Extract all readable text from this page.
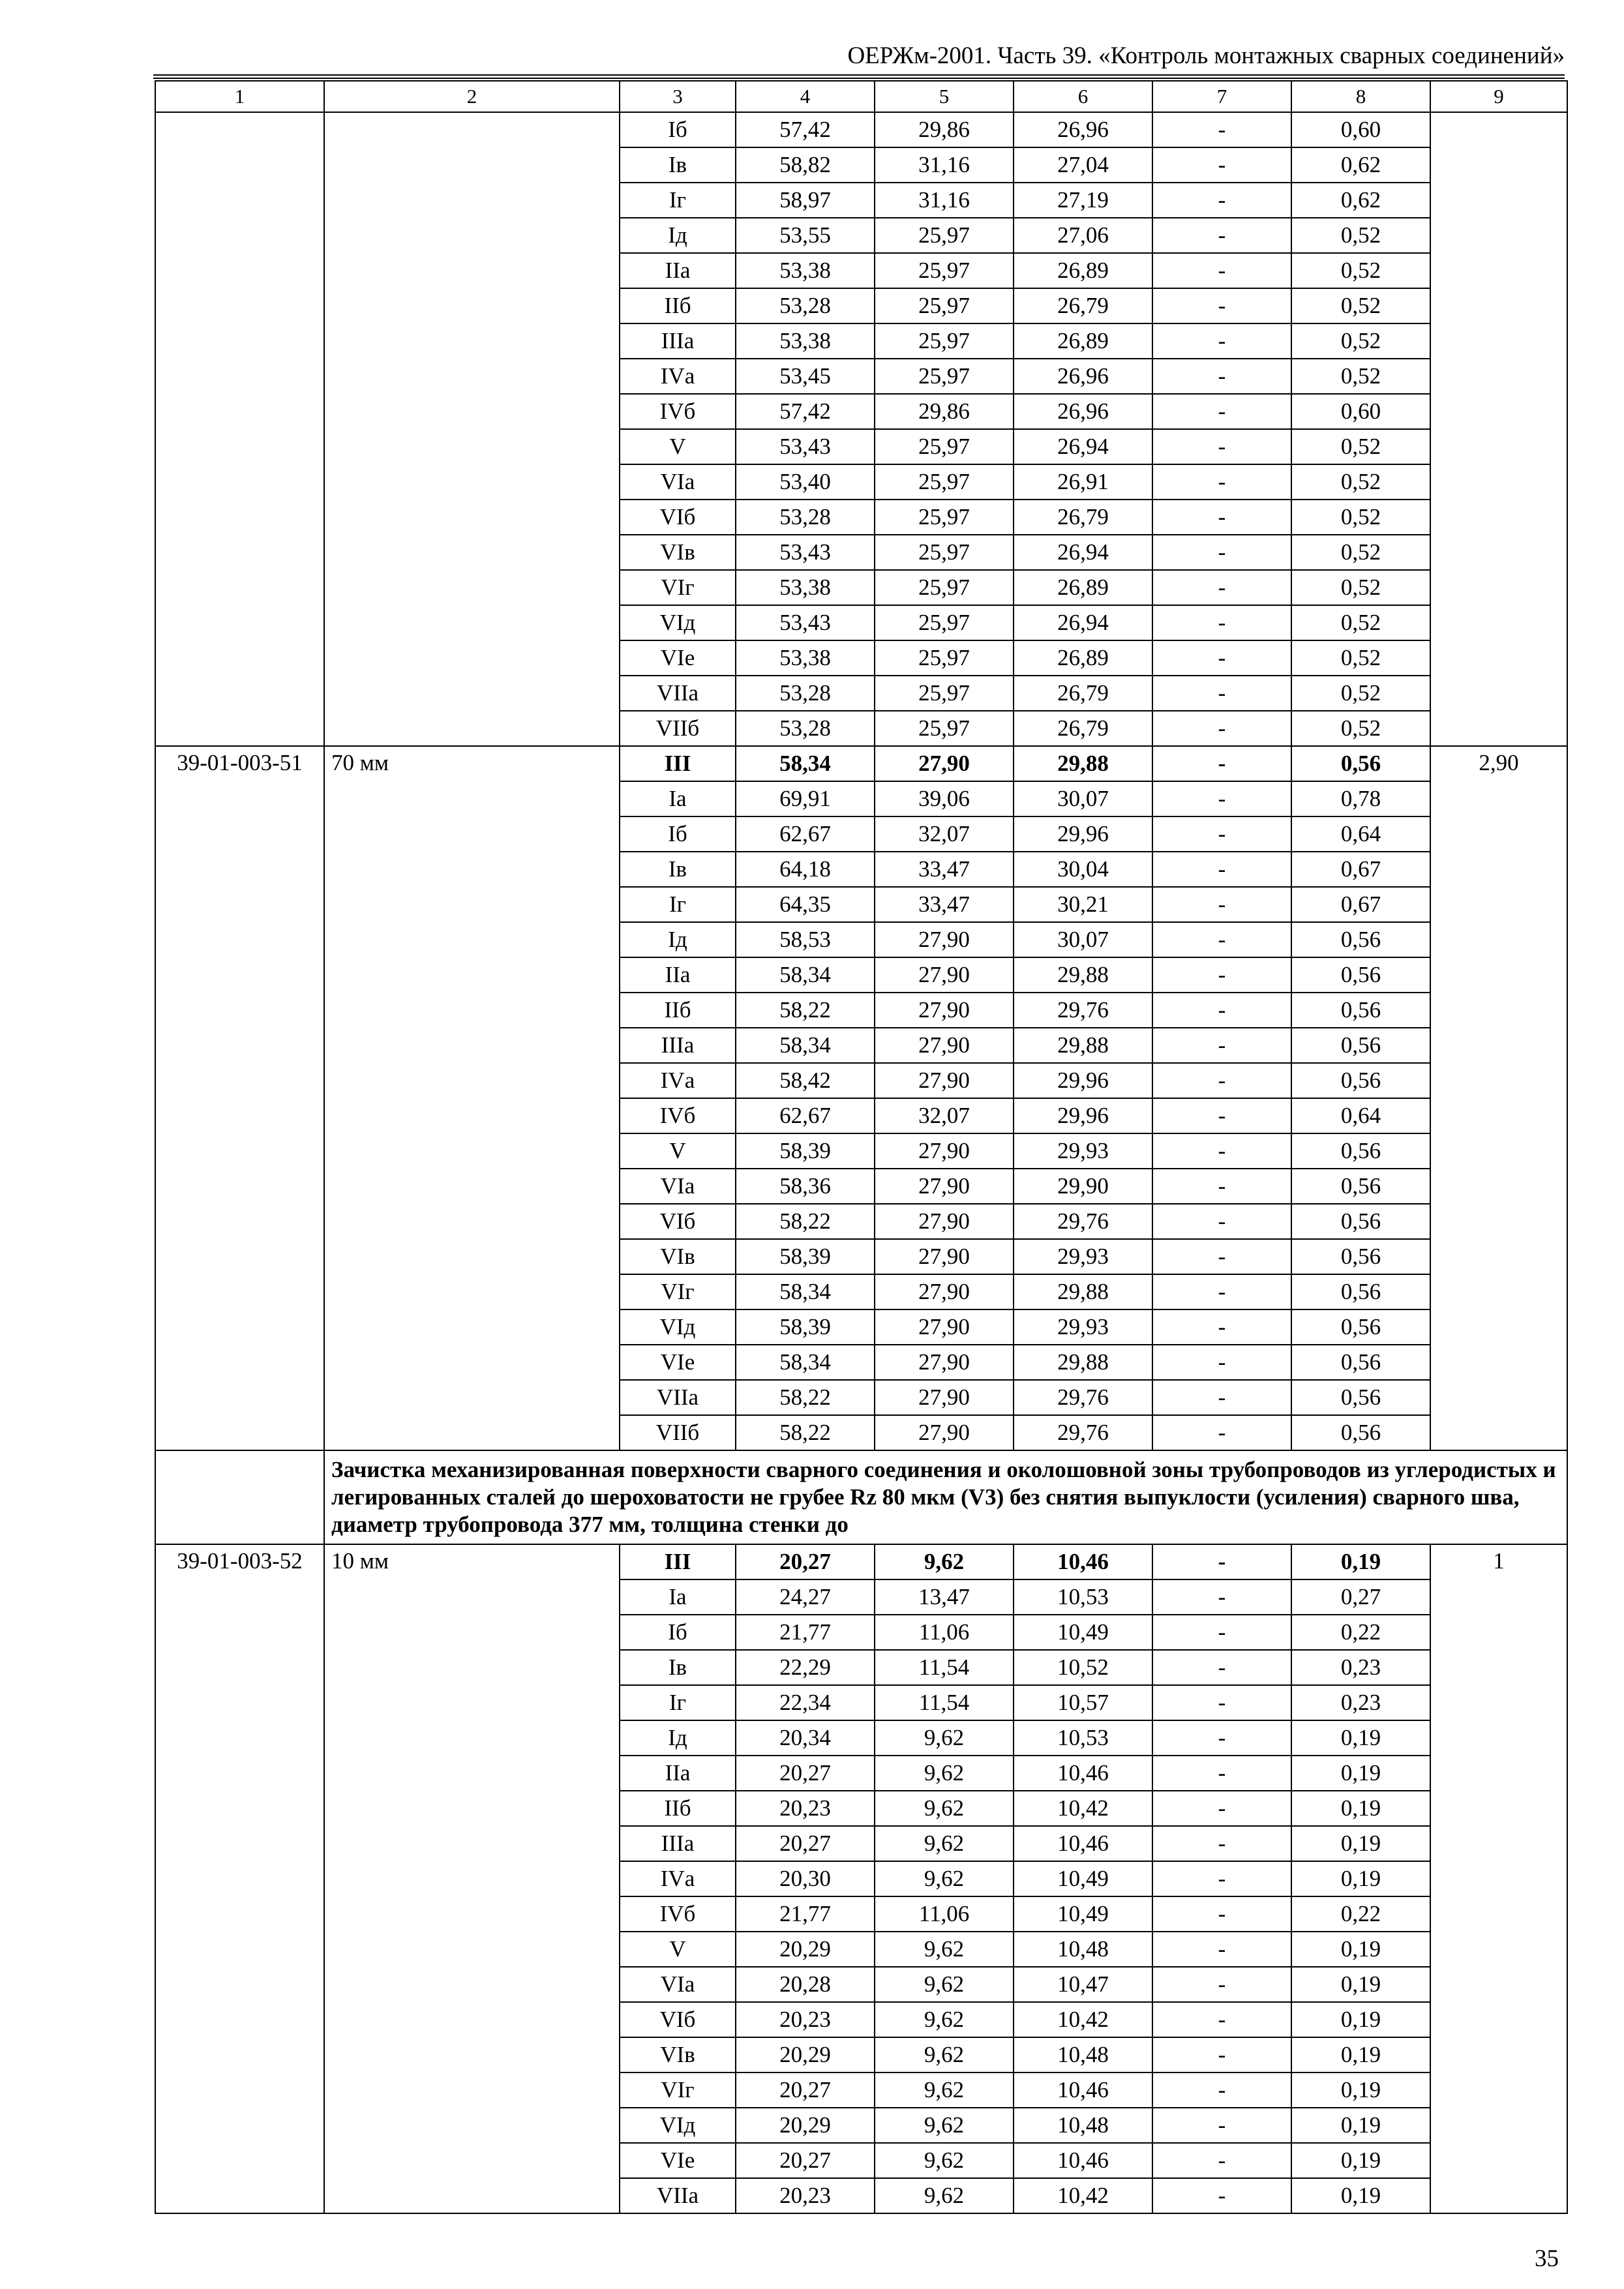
ОЕРЖм-2001. Часть 39. «Контроль монтажных сварных соединений»
1	2	3	4	5	6	7	8	9
		Iб	57,42	29,86	26,96	-	0,60	
		Iв	58,82	31,16	27,04	-	0,62	
		Iг	58,97	31,16	27,19	-	0,62	
		Iд	53,55	25,97	27,06	-	0,52	
		IIа	53,38	25,97	26,89	-	0,52	
		IIб	53,28	25,97	26,79	-	0,52	
		IIIа	53,38	25,97	26,89	-	0,52	
		IVа	53,45	25,97	26,96	-	0,52	
		IVб	57,42	29,86	26,96	-	0,60	
		V	53,43	25,97	26,94	-	0,52	
		VIа	53,40	25,97	26,91	-	0,52	
		VIб	53,28	25,97	26,79	-	0,52	
		VIв	53,43	25,97	26,94	-	0,52	
		VIг	53,38	25,97	26,89	-	0,52	
		VIд	53,43	25,97	26,94	-	0,52	
		VIе	53,38	25,97	26,89	-	0,52	
		VIIа	53,28	25,97	26,79	-	0,52	
		VIIб	53,28	25,97	26,79	-	0,52	
39-01-003-51	70 мм	III	58,34	27,90	29,88	-	0,56	2,90
		Iа	69,91	39,06	30,07	-	0,78	
		Iб	62,67	32,07	29,96	-	0,64	
		Iв	64,18	33,47	30,04	-	0,67	
		Iг	64,35	33,47	30,21	-	0,67	
		Iд	58,53	27,90	30,07	-	0,56	
		IIа	58,34	27,90	29,88	-	0,56	
		IIб	58,22	27,90	29,76	-	0,56	
		IIIа	58,34	27,90	29,88	-	0,56	
		IVа	58,42	27,90	29,96	-	0,56	
		IVб	62,67	32,07	29,96	-	0,64	
		V	58,39	27,90	29,93	-	0,56	
		VIа	58,36	27,90	29,90	-	0,56	
		VIб	58,22	27,90	29,76	-	0,56	
		VIв	58,39	27,90	29,93	-	0,56	
		VIг	58,34	27,90	29,88	-	0,56	
		VIд	58,39	27,90	29,93	-	0,56	
		VIе	58,34	27,90	29,88	-	0,56	
		VIIа	58,22	27,90	29,76	-	0,56	
		VIIб	58,22	27,90	29,76	-	0,56	
	Зачистка механизированная поверхности сварного соединения и околошовной зоны трубопроводов из углеродистых и легированных сталей до шероховатости не грубее Rz 80 мкм (V3) без снятия выпуклости (усиления) сварного шва, диаметр трубопровода 377 мм, толщина стенки до							
39-01-003-52	10 мм	III	20,27	9,62	10,46	-	0,19	1
		Iа	24,27	13,47	10,53	-	0,27	
		Iб	21,77	11,06	10,49	-	0,22	
		Iв	22,29	11,54	10,52	-	0,23	
		Iг	22,34	11,54	10,57	-	0,23	
		Iд	20,34	9,62	10,53	-	0,19	
		IIа	20,27	9,62	10,46	-	0,19	
		IIб	20,23	9,62	10,42	-	0,19	
		IIIа	20,27	9,62	10,46	-	0,19	
		IVа	20,30	9,62	10,49	-	0,19	
		IVб	21,77	11,06	10,49	-	0,22	
		V	20,29	9,62	10,48	-	0,19	
		VIа	20,28	9,62	10,47	-	0,19	
		VIб	20,23	9,62	10,42	-	0,19	
		VIв	20,29	9,62	10,48	-	0,19	
		VIг	20,27	9,62	10,46	-	0,19	
		VIд	20,29	9,62	10,48	-	0,19	
		VIе	20,27	9,62	10,46	-	0,19	
		VIIа	20,23	9,62	10,42	-	0,19	
35
